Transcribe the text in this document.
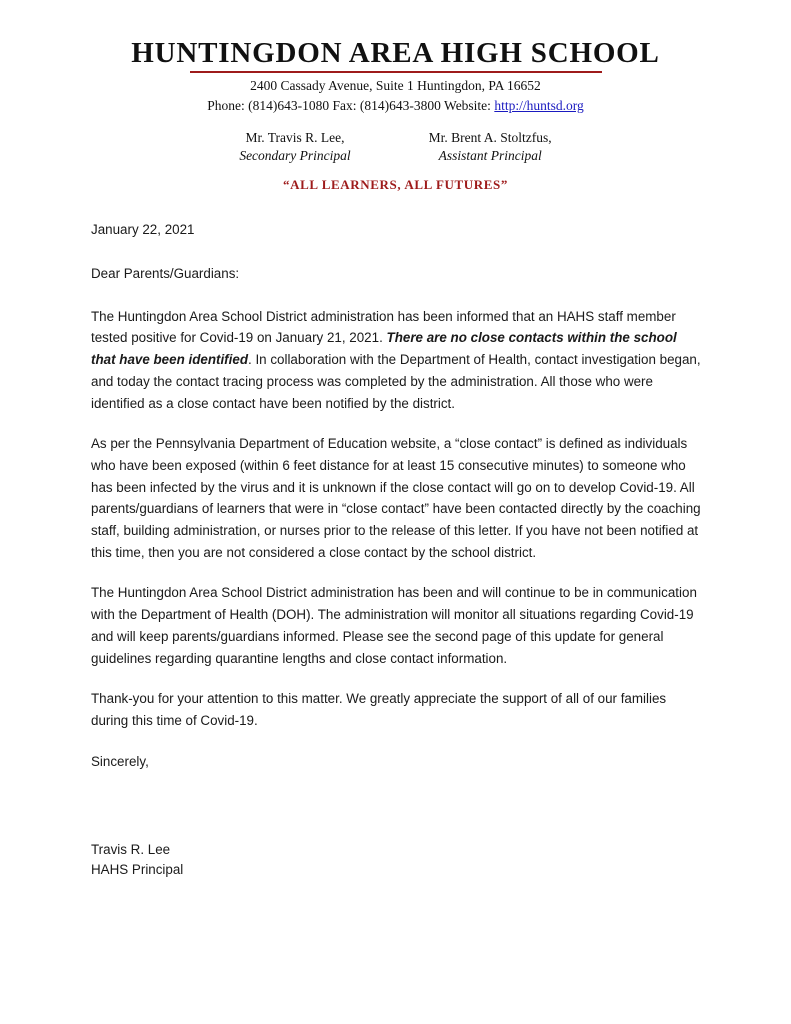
HUNTINGDON AREA HIGH SCHOOL
2400 Cassady Avenue, Suite 1 Huntingdon, PA 16652
Phone: (814)643-1080 Fax: (814)643-3800 Website: http://huntsd.org
Mr. Travis R. Lee,
Secondary Principal
Mr. Brent A. Stoltzfus,
Assistant Principal
“ALL LEARNERS, ALL FUTURES”

January 22, 2021

Dear Parents/Guardians:

The Huntingdon Area School District administration has been informed that an HAHS staff member tested positive for Covid-19 on January 21, 2021. There are no close contacts within the school that have been identified. In collaboration with the Department of Health, contact investigation began, and today the contact tracing process was completed by the administration. All those who were identified as a close contact have been notified by the district.

As per the Pennsylvania Department of Education website, a “close contact” is defined as individuals who have been exposed (within 6 feet distance for at least 15 consecutive minutes) to someone who has been infected by the virus and it is unknown if the close contact will go on to develop Covid-19. All parents/guardians of learners that were in “close contact” have been contacted directly by the coaching staff, building administration, or nurses prior to the release of this letter. If you have not been notified at this time, then you are not considered a close contact by the school district.

The Huntingdon Area School District administration has been and will continue to be in communication with the Department of Health (DOH). The administration will monitor all situations regarding Covid-19 and will keep parents/guardians informed. Please see the second page of this update for general guidelines regarding quarantine lengths and close contact information.

Thank-you for your attention to this matter. We greatly appreciate the support of all of our families during this time of Covid-19.

Sincerely,

Travis R. Lee
HAHS Principal
